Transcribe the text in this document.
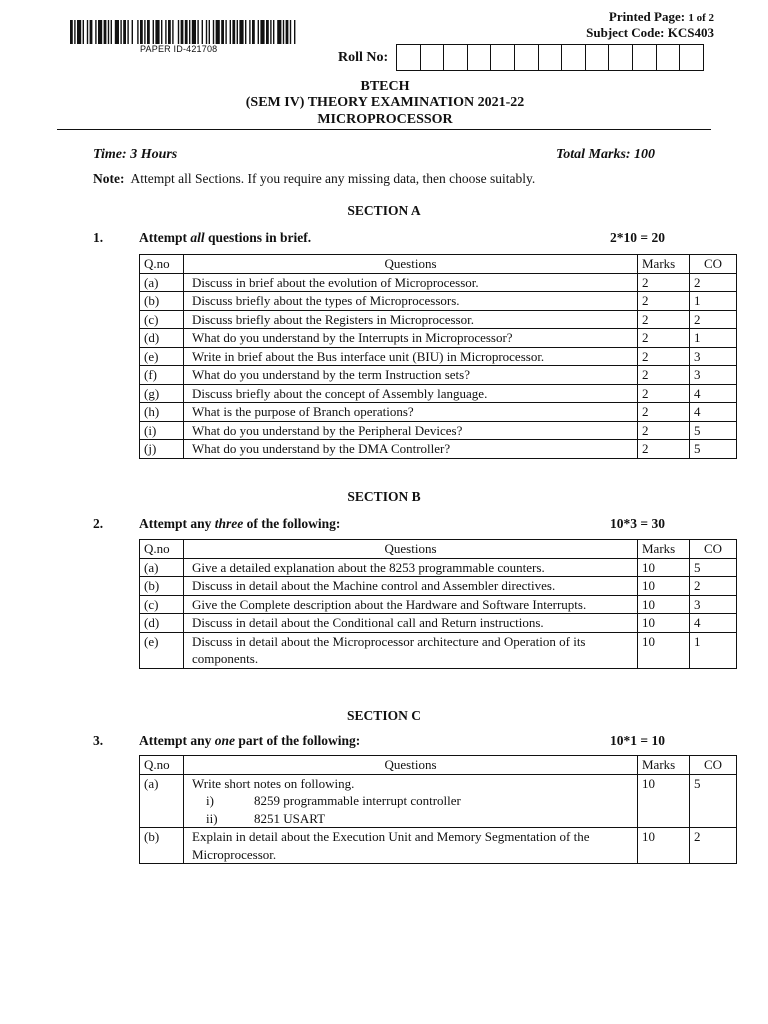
PAPER ID-421708
Printed Page: 1 of 2
Subject Code: KCS403
Roll No:
BTECH
(SEM IV) THEORY EXAMINATION 2021-22
MICROPROCESSOR
Time: 3 Hours	Total Marks: 100
Note: Attempt all Sections. If you require any missing data, then choose suitably.
SECTION A
1.	Attempt all questions in brief.	2*10 = 20
Q.no	Questions	Marks	CO
(a)	Discuss in brief about the evolution of Microprocessor.	2	2
(b)	Discuss briefly about the types of Microprocessors.	2	1
(c)	Discuss briefly about the Registers in Microprocessor.	2	2
(d)	What do you understand by the Interrupts in Microprocessor?	2	1
(e)	Write in brief about the Bus interface unit (BIU) in Microprocessor.	2	3
(f)	What do you understand by the term Instruction sets?	2	3
(g)	Discuss briefly about the concept of Assembly language.	2	4
(h)	What is the purpose of Branch operations?	2	4
(i)	What do you understand by the Peripheral Devices?	2	5
(j)	What do you understand by the DMA Controller?	2	5
SECTION B
2.	Attempt any three of the following:	10*3 = 30
Q.no	Questions	Marks	CO
(a)	Give a detailed explanation about the 8253 programmable counters.	10	5
(b)	Discuss in detail about the Machine control and Assembler directives.	10	2
(c)	Give the Complete description about the Hardware and Software Interrupts.	10	3
(d)	Discuss in detail about the Conditional call and Return instructions.	10	4
(e)	Discuss in detail about the Microprocessor architecture and Operation of its components.	10	1
SECTION C
3.	Attempt any one part of the following:	10*1 = 10
Q.no	Questions	Marks	CO
(a)	Write short notes on following.
i) 8259 programmable interrupt controller
ii) 8251 USART	10	5
(b)	Explain in detail about the Execution Unit and Memory Segmentation of the Microprocessor.	10	2
